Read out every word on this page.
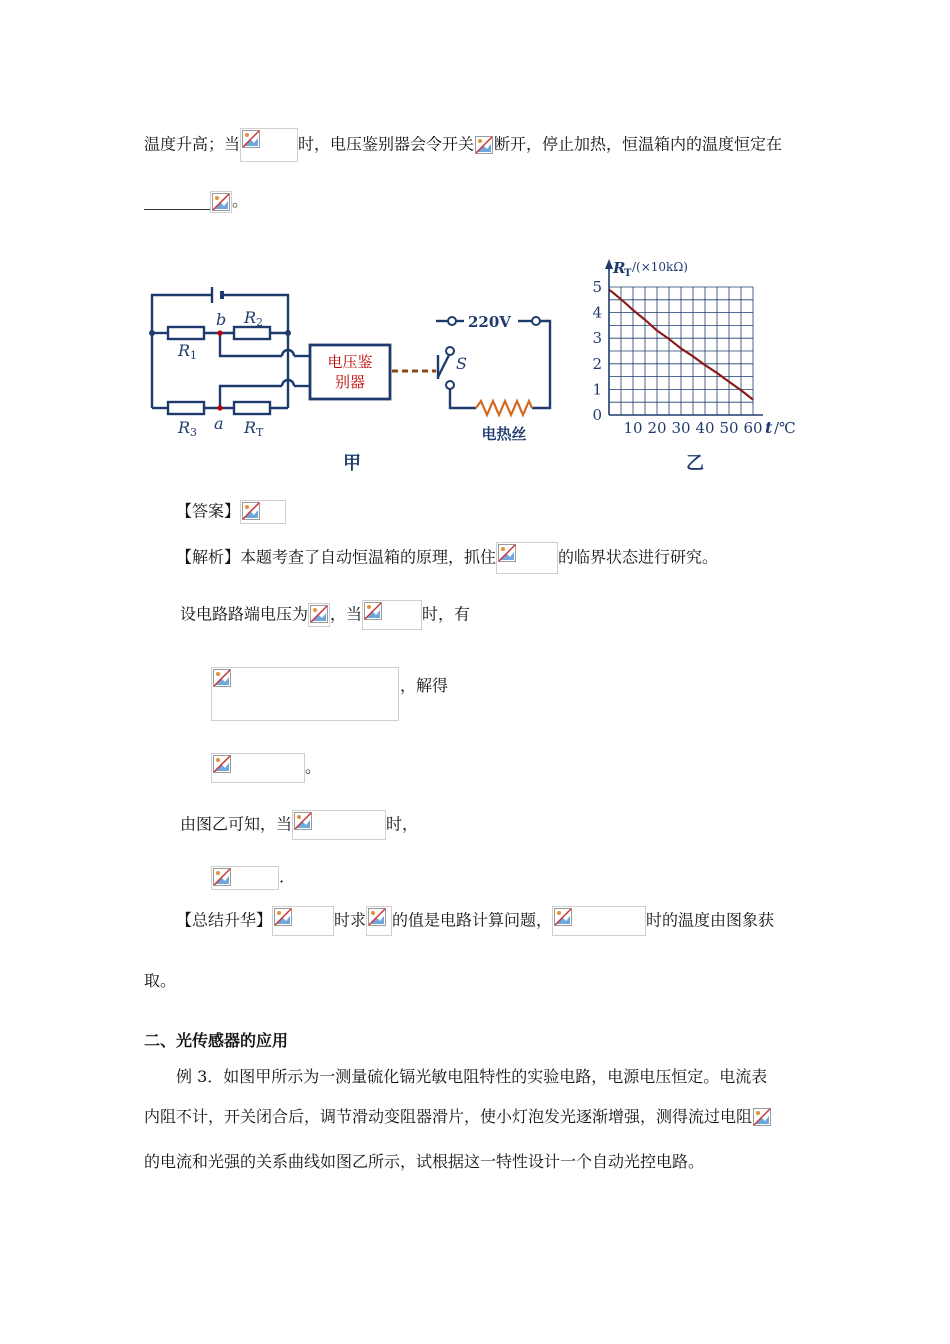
温度升高；当	时，电压鉴别器会令开关 断开，停止加热，恒温箱内的温度恒定在
。
R 1
R 2
R 3	R T
b
a
S
220V
电压鉴
别器
电热丝
甲
0
1
2
3
4
5
10 20 30 40 50 60
R
T /(×10kΩ)
t /℃
乙
【答案】
【解析】本题考查了自动恒温箱的原理，抓住	的临界状态进行研究。
设电路路端电压为 ，当	时，有
，解得
。
由图乙可知，当	时，
.
【总结升华】	时求 的值是电路计算问题，	时的温度由图象获
取。
二、光传感器的应用
例 3．如图甲所示为一测量硫化镉光敏电阻特性的实验电路，电源电压恒定。电流表
内阻不计，开关闭合后，调节滑动变阻器滑片，使小灯泡发光逐渐增强，测得流过电阻
的电流和光强的关系曲线如图乙所示，试根据这一特性设计一个自动光控电路。
